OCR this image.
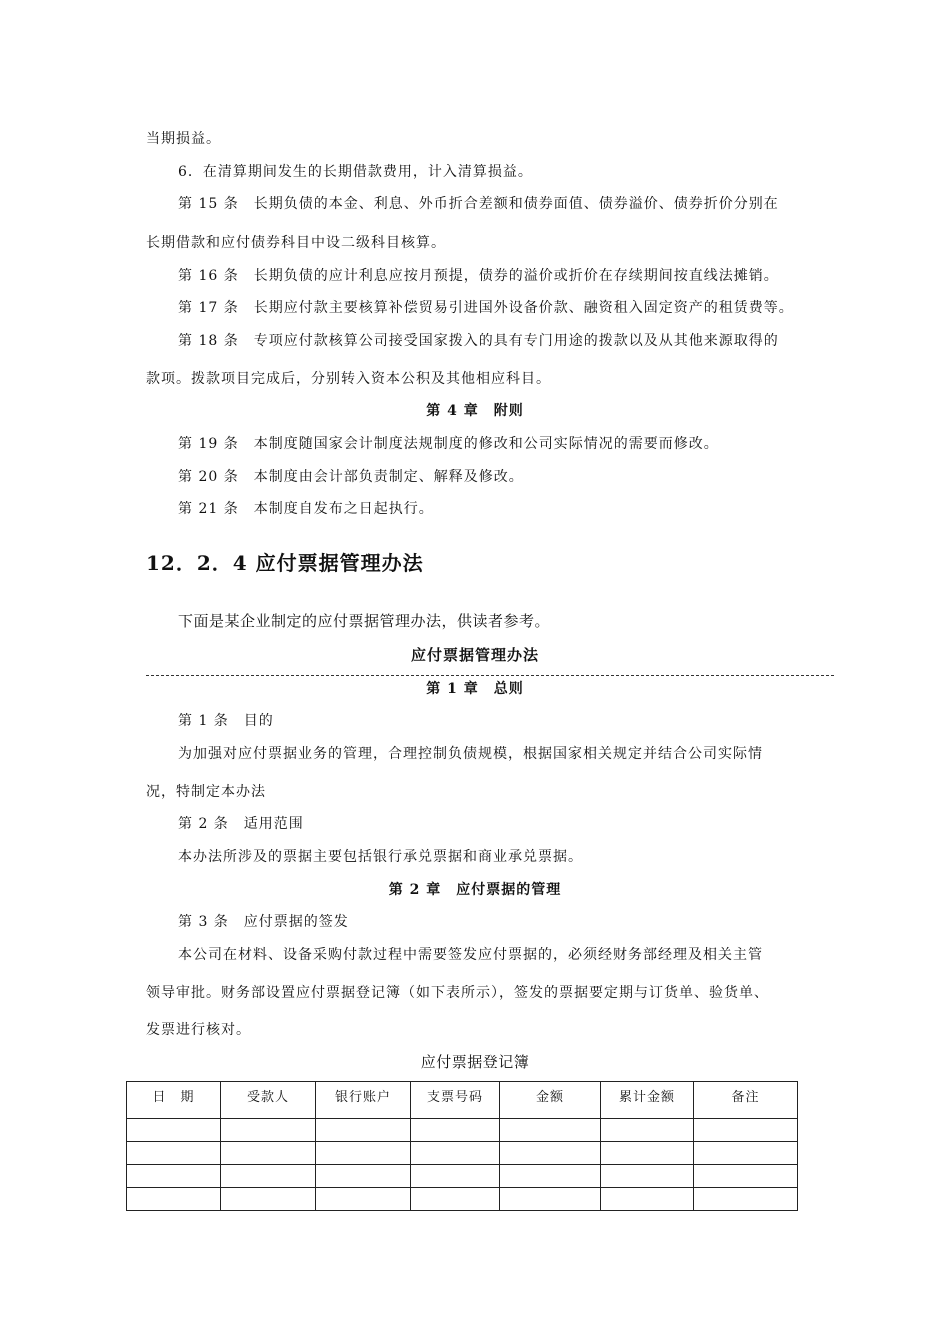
当期损益。
6．在清算期间发生的长期借款费用，计入清算损益。
第 15 条　长期负债的本金、利息、外币折合差额和债券面值、债券溢价、债券折价分别在
长期借款和应付债券科目中设二级科目核算。
第 16 条　长期负债的应计利息应按月预提，债券的溢价或折价在存续期间按直线法摊销。
第 17 条　长期应付款主要核算补偿贸易引进国外设备价款、融资租入固定资产的租赁费等。
第 18 条　专项应付款核算公司接受国家拨入的具有专门用途的拨款以及从其他来源取得的
款项。拨款项目完成后，分别转入资本公积及其他相应科目。
第 4 章　附则
第 19 条　本制度随国家会计制度法规制度的修改和公司实际情况的需要而修改。
第 20 条　本制度由会计部负责制定、解释及修改。
第 21 条　本制度自发布之日起执行。
12．2．4 应付票据管理办法
下面是某企业制定的应付票据管理办法，供读者参考。
应付票据管理办法
第 1 章　总则
第 1 条　目的
为加强对应付票据业务的管理，合理控制负债规模，根据国家相关规定并结合公司实际情
况，特制定本办法
第 2 条　适用范围
本办法所涉及的票据主要包括银行承兑票据和商业承兑票据。
第 2 章　应付票据的管理
第 3 条　应付票据的签发
本公司在材料、设备采购付款过程中需要签发应付票据的，必须经财务部经理及相关主管
领导审批。财务部设置应付票据登记簿（如下表所示），签发的票据要定期与订货单、验货单、
发票进行核对。
应付票据登记簿
日　期	受款人	银行账户	支票号码	金额	累计金额	备注
